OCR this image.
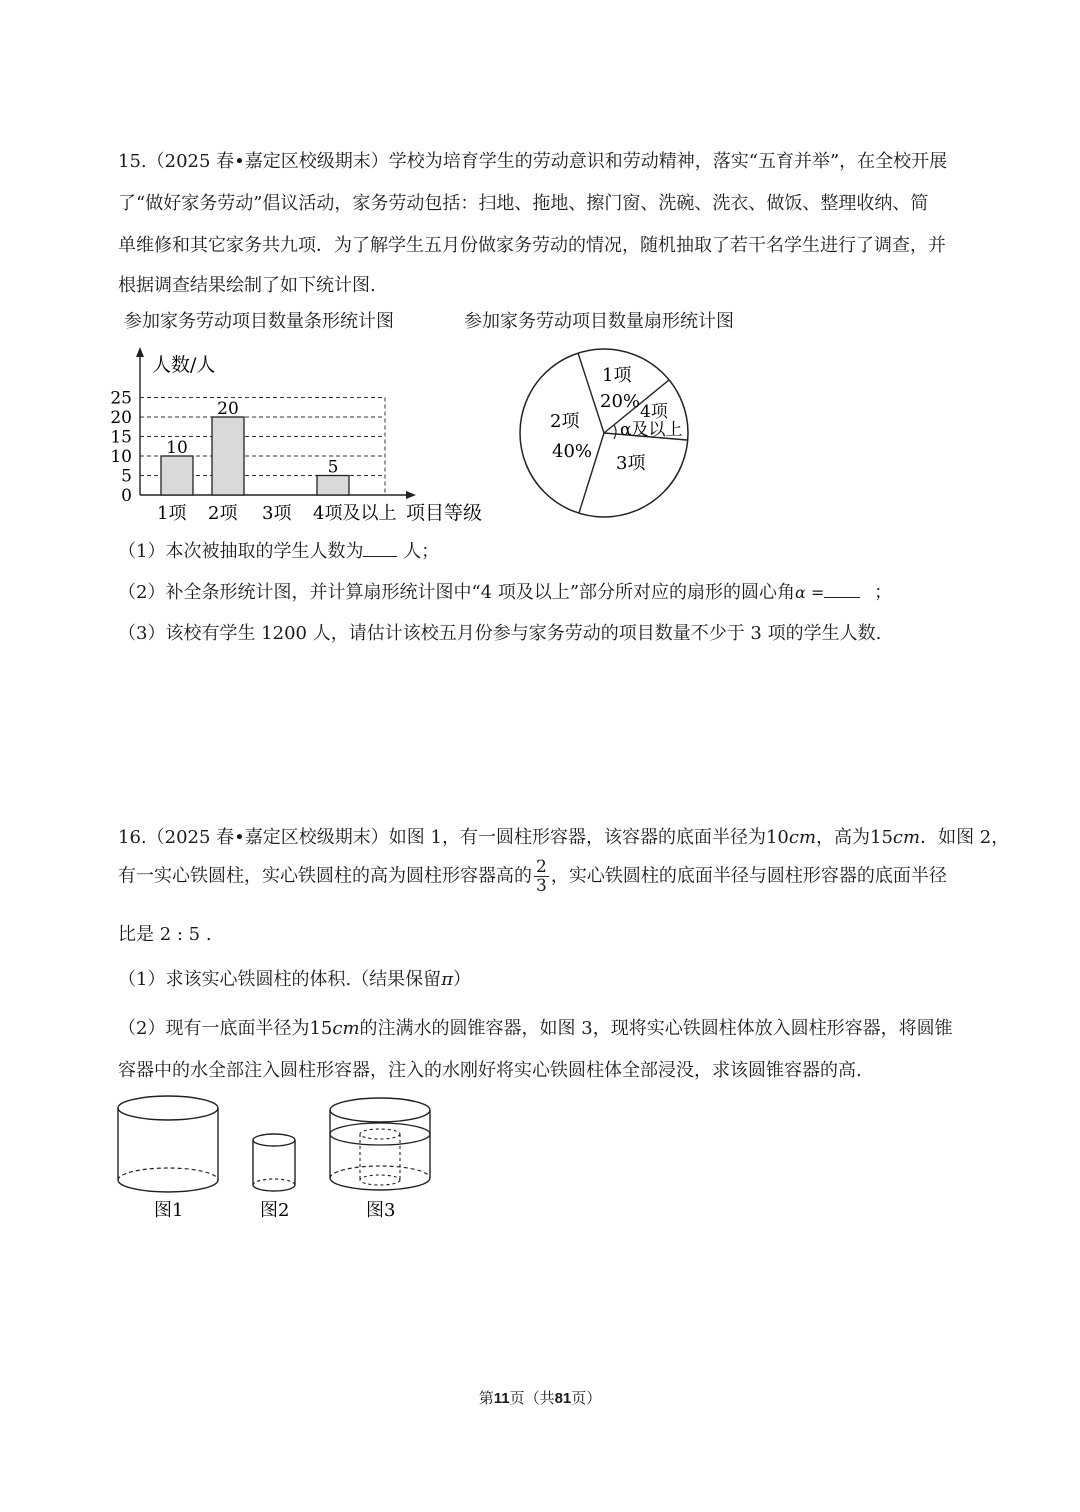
15.（2025 春•嘉定区校级期末）学校为培育学生的劳动意识和劳动精神，落实“五育并举”，在全校开展
了“做好家务劳动”倡议活动，家务劳动包括：扫地、拖地、擦门窗、洗碗、洗衣、做饭、整理收纳、简
单维修和其它家务共九项．为了解学生五月份做家务劳动的情况，随机抽取了若干名学生进行了调查，并
根据调查结果绘制了如下统计图.
参加家务劳动项目数量条形统计图	参加家务劳动项目数量扇形统计图
人数/人
项目等级
0
5
10
15
20
25
10
20
5
1项 2项 3项 4项及以上
1项
20% 4项
α及以上
3项
2项
40%
（1）本次被抽取的学生人数为 人；
（2）补全条形统计图，并计算扇形统计图中“4 项及以上”部分所对应的扇形的圆心角α =	；
（3）该校有学生 1200 人，请估计该校五月份参与家务劳动的项目数量不少于 3 项的学生人数.
16.（2025 春•嘉定区校级期末）如图 1，有一圆柱形容器，该容器的底面半径为10cm，高为15cm．如图 2，
有一实心铁圆柱，实心铁圆柱的高为圆柱形容器高的 $\frac{2}{3}$ ，实心铁圆柱的底面半径与圆柱形容器的底面半径
比是 2 : 5 .
（1）求该实心铁圆柱的体积.（结果保留π）
（2）现有一底面半径为15cm的注满水的圆锥容器，如图 3，现将实心铁圆柱体放入圆柱形容器，将圆锥
容器中的水全部注入圆柱形容器，注入的水刚好将实心铁圆柱体全部浸没，求该圆锥容器的高.
图1	图2	图3
第11页（共81页）
